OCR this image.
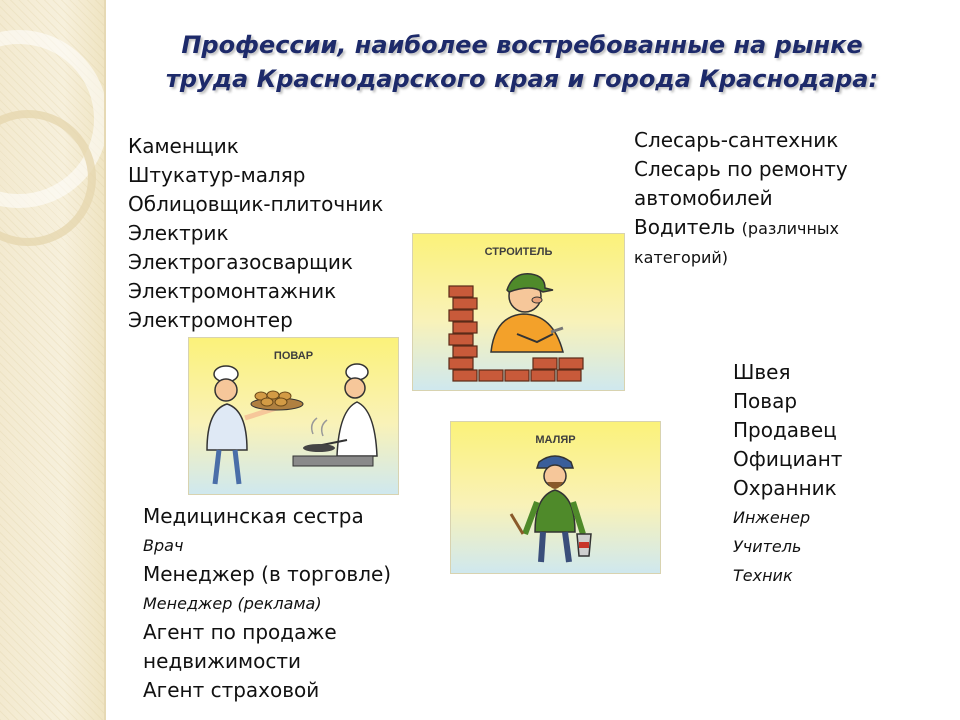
Профессии, наиболее востребованные на рынке
труда Краснодарского края и города Краснодара:
Каменщик
Штукатур-маляр
Облицовщик-плиточник
Электрик
Электрогазосварщик
Электромонтажник
Электромонтер
Слесарь-сантехник
Слесарь по ремонту
автомобилей
Водитель (различных
категорий)
Швея
Повар
Продавец
Официант
Охранник
Инженер
Учитель
Техник
Медицинская сестра
Врач
Менеджер (в торговле)
Менеджер (реклама)
Агент по продаже
недвижимости
Агент страховой
СТРОИТЕЛЬ
ПОВАР
МАЛЯР
